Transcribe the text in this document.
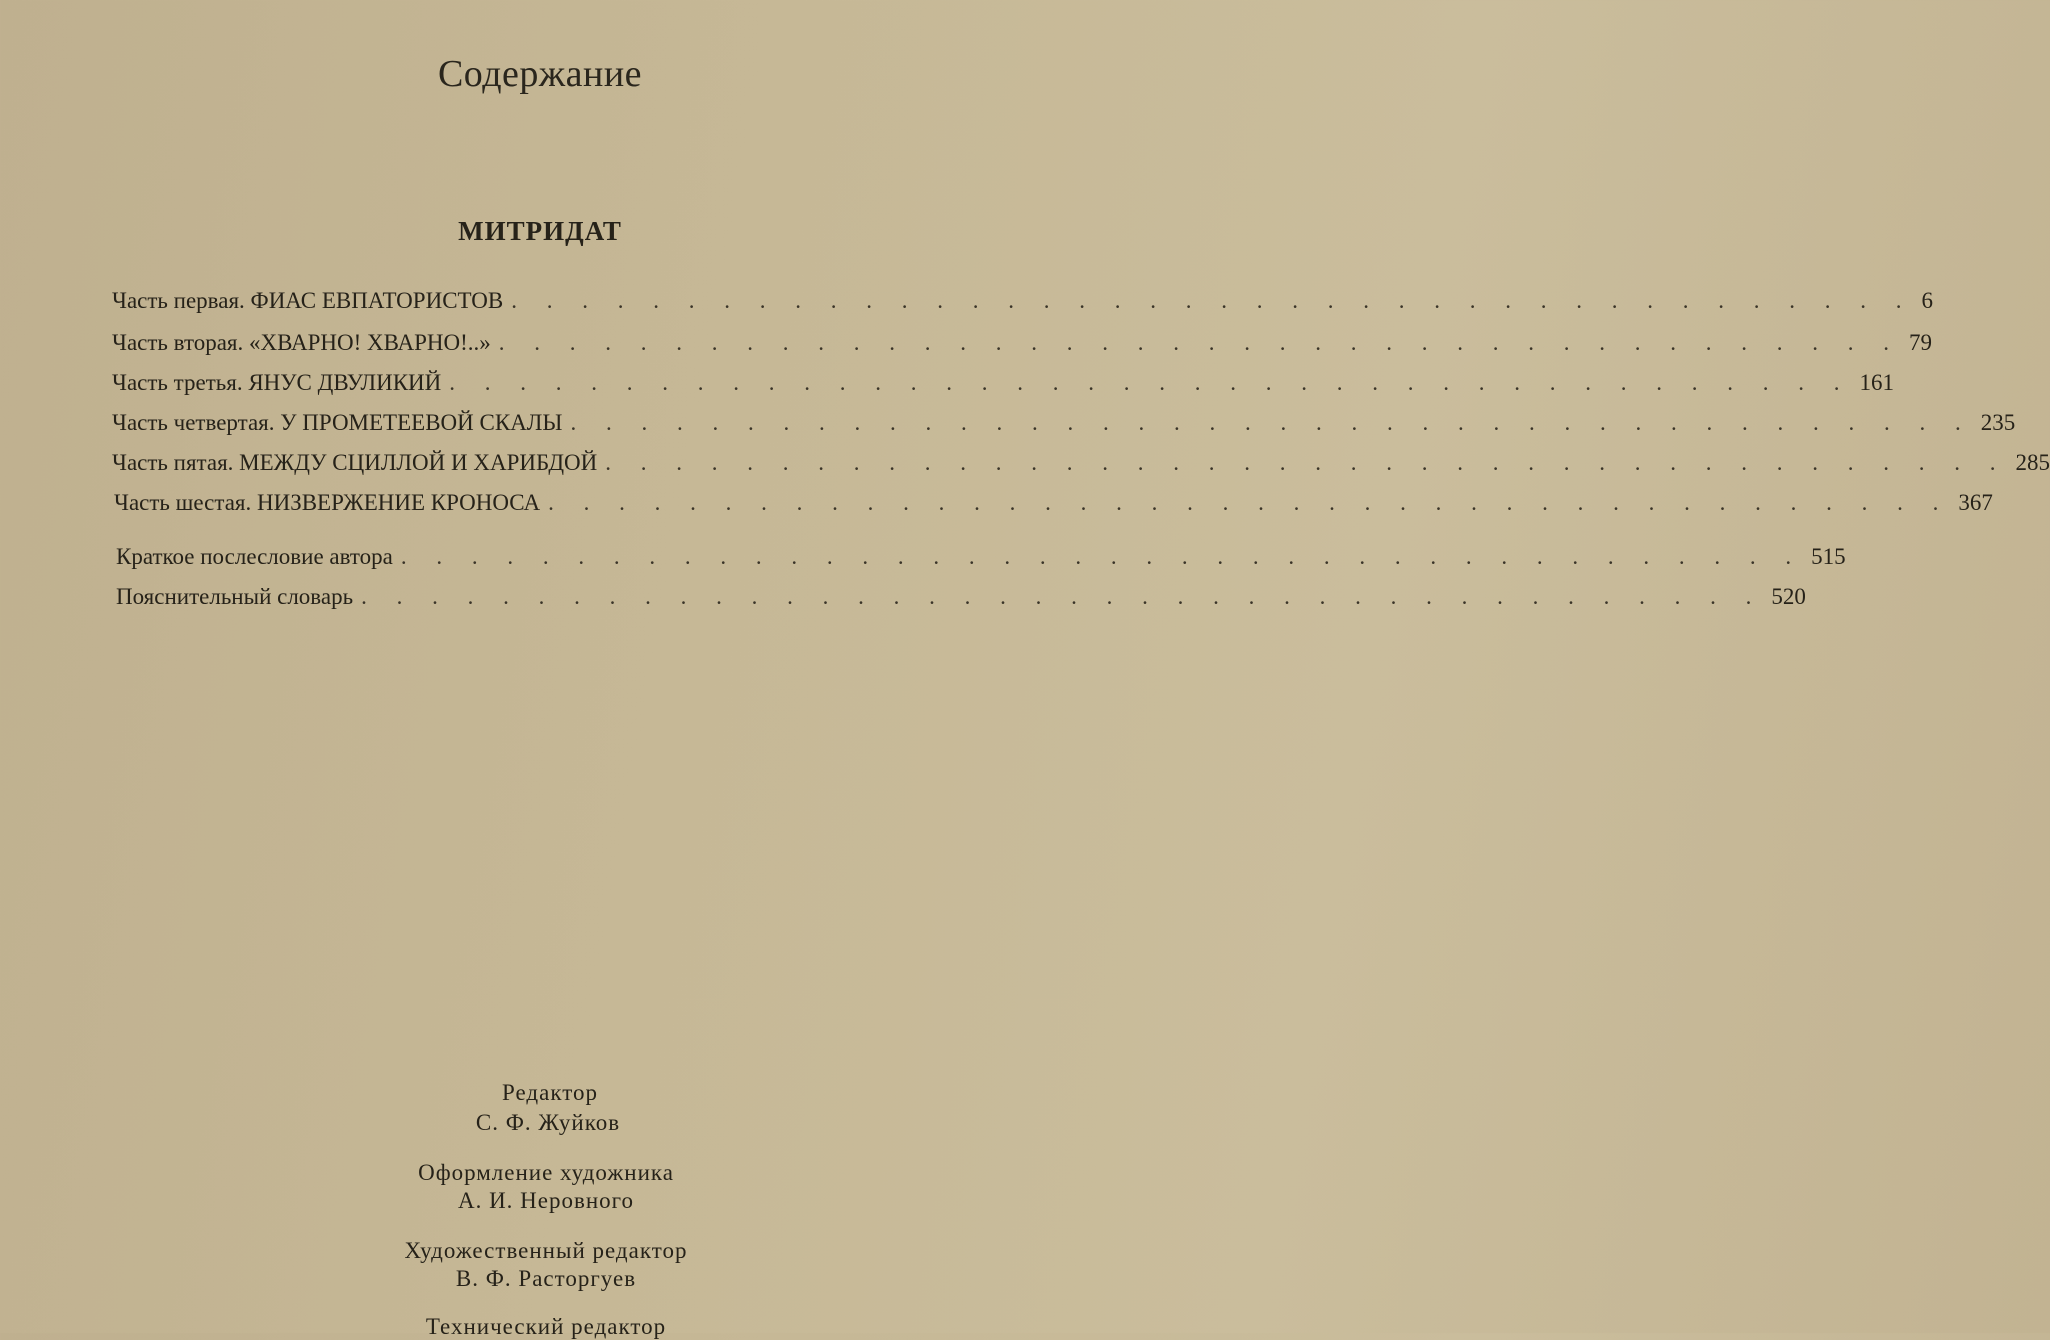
Содержание
МИТРИДАТ
Часть первая. ФИАС ЕВПАТОРИСТОВ . . . . . . . . . . . . . . . . . . . . . . . . . . . . . . . . . . . . . . . . 6
Часть вторая. «ХВАРНО! ХВАРНО!..» . . . . . . . . . . . . . . . . . . . . . . . . . . . . . . . . . . . . . . . . 79
Часть третья. ЯНУС ДВУЛИКИЙ . . . . . . . . . . . . . . . . . . . . . . . . . . . . . . . . . . . . . . . . 161
Часть четвертая. У ПРОМЕТЕЕВОЙ СКАЛЫ . . . . . . . . . . . . . . . . . . . . . . . . . . . . . . . . . . . . . . . . 235
Часть пятая. МЕЖДУ СЦИЛЛОЙ И ХАРИБДОЙ . . . . . . . . . . . . . . . . . . . . . . . . . . . . . . . . . . . . . . . . 285
Часть шестая. НИЗВЕРЖЕНИЕ КРОНОСА . . . . . . . . . . . . . . . . . . . . . . . . . . . . . . . . . . . . . . . . 367
Краткое послесловие автора . . . . . . . . . . . . . . . . . . . . . . . . . . . . . . . . . . . . . . . . 515
Пояснительный словарь . . . . . . . . . . . . . . . . . . . . . . . . . . . . . . . . . . . . . . . . 520
Редактор
С. Ф. Жуйков
Оформление художника
А. И. Неровного
Художественный редактор
В. Ф. Расторгуев
Технический редактор
